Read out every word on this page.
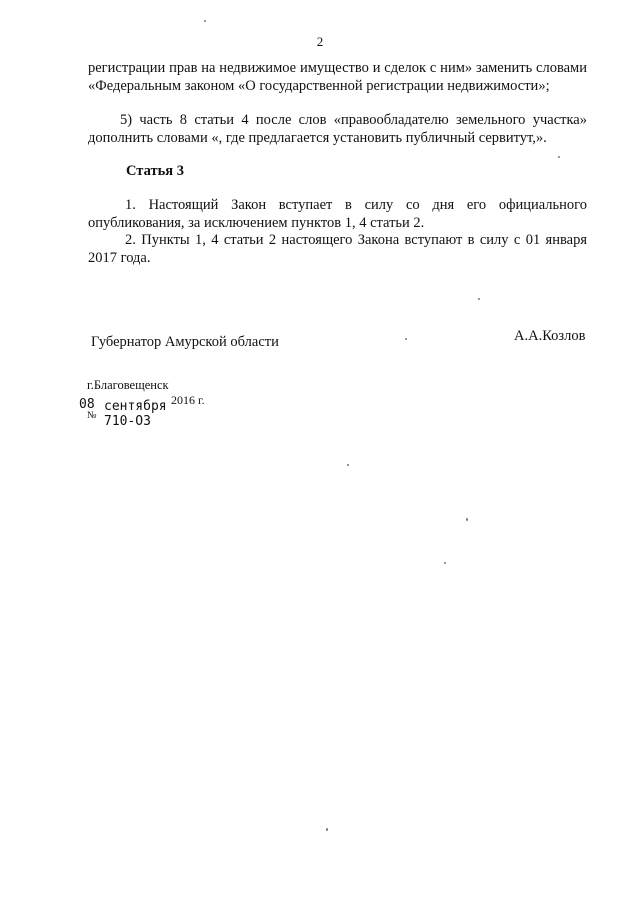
2

регистрации прав на недвижимое имущество и сделок с ним» заменить словами «Федеральным законом «О государственной регистрации недвижимости»;

5) часть 8 статьи 4 после слов «правообладателю земельного участка» дополнить словами «, где предлагается установить публичный сервитут,».

Статья 3

1. Настоящий Закон вступает в силу со дня его официального опубликования, за исключением пунктов 1, 4 статьи 2.

2. Пункты 1, 4 статьи 2 настоящего Закона вступают в силу с 01 января 2017 года.

Губернатор Амурской области	А.А.Козлов

г.Благовещенск

08 сентября 2016 г.

№ 710-ОЗ
